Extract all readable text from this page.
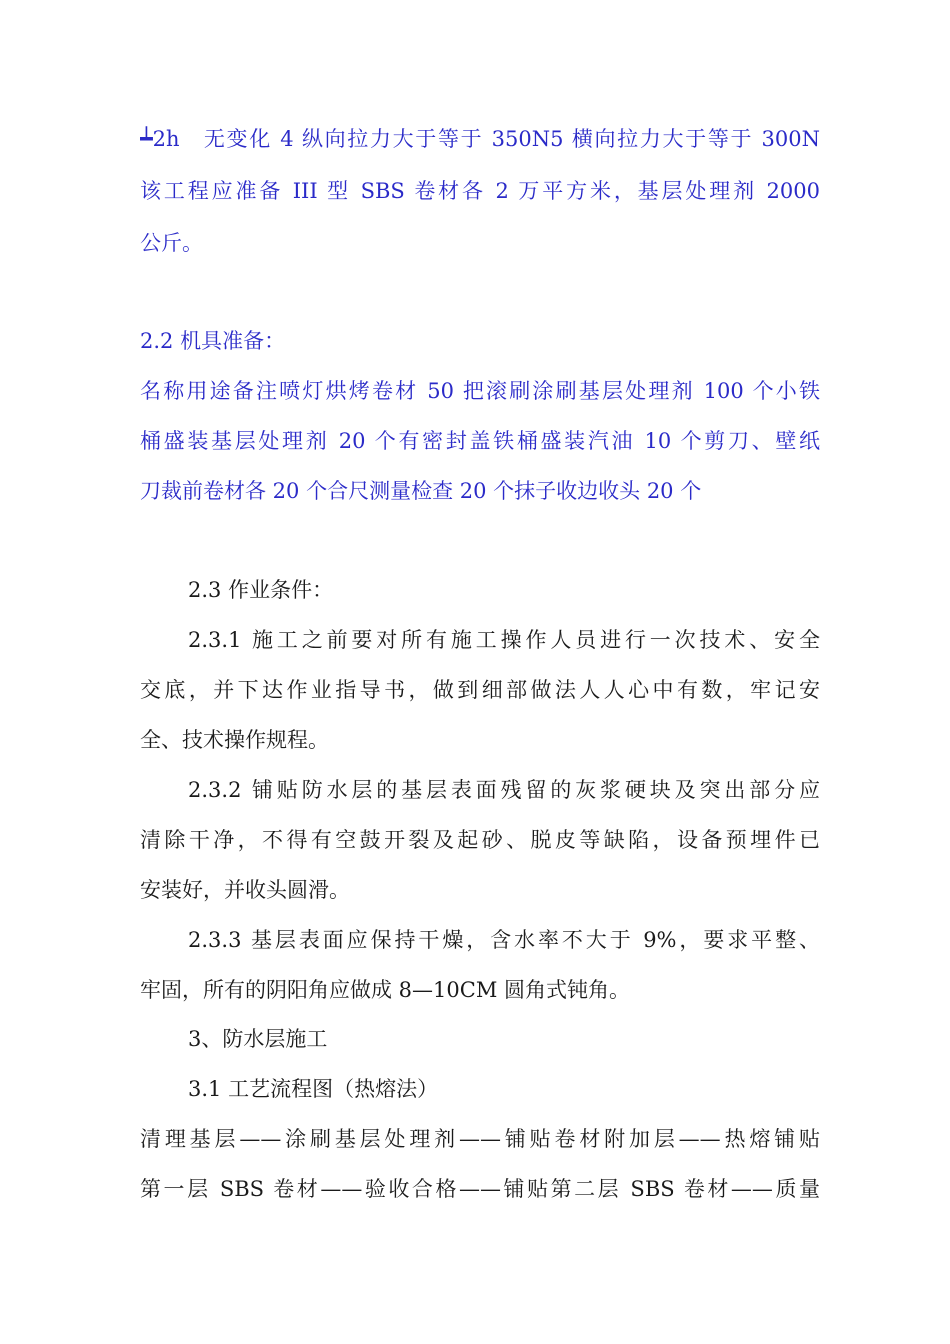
┷2h　无变化 4 纵向拉力大于等于 350N5 横向拉力大于等于 300N
该工程应准备 III 型 SBS 卷材各 2 万平方米，基层处理剂 2000
公斤。
2.2 机具准备：
名称用途备注喷灯烘烤卷材 50 把滚刷涂刷基层处理剂 100 个小铁
桶盛装基层处理剂 20 个有密封盖铁桶盛装汽油 10 个剪刀、壁纸
刀裁前卷材各 20 个合尺测量检查 20 个抹子收边收头 20 个
2.3 作业条件：
2.3.1 施工之前要对所有施工操作人员进行一次技术、安全
交底，并下达作业指导书，做到细部做法人人心中有数，牢记安
全、技术操作规程。
2.3.2 铺贴防水层的基层表面残留的灰浆硬块及突出部分应
清除干净，不得有空鼓开裂及起砂、脱皮等缺陷，设备预埋件已
安装好，并收头圆滑。
2.3.3 基层表面应保持干燥，含水率不大于 9%，要求平整、
牢固，所有的阴阳角应做成 8—10CM 圆角式钝角。
3、防水层施工
3.1 工艺流程图（热熔法）
清理基层——涂刷基层处理剂——铺贴卷材附加层——热熔铺贴
第一层 SBS 卷材——验收合格——铺贴第二层 SBS 卷材——质量
